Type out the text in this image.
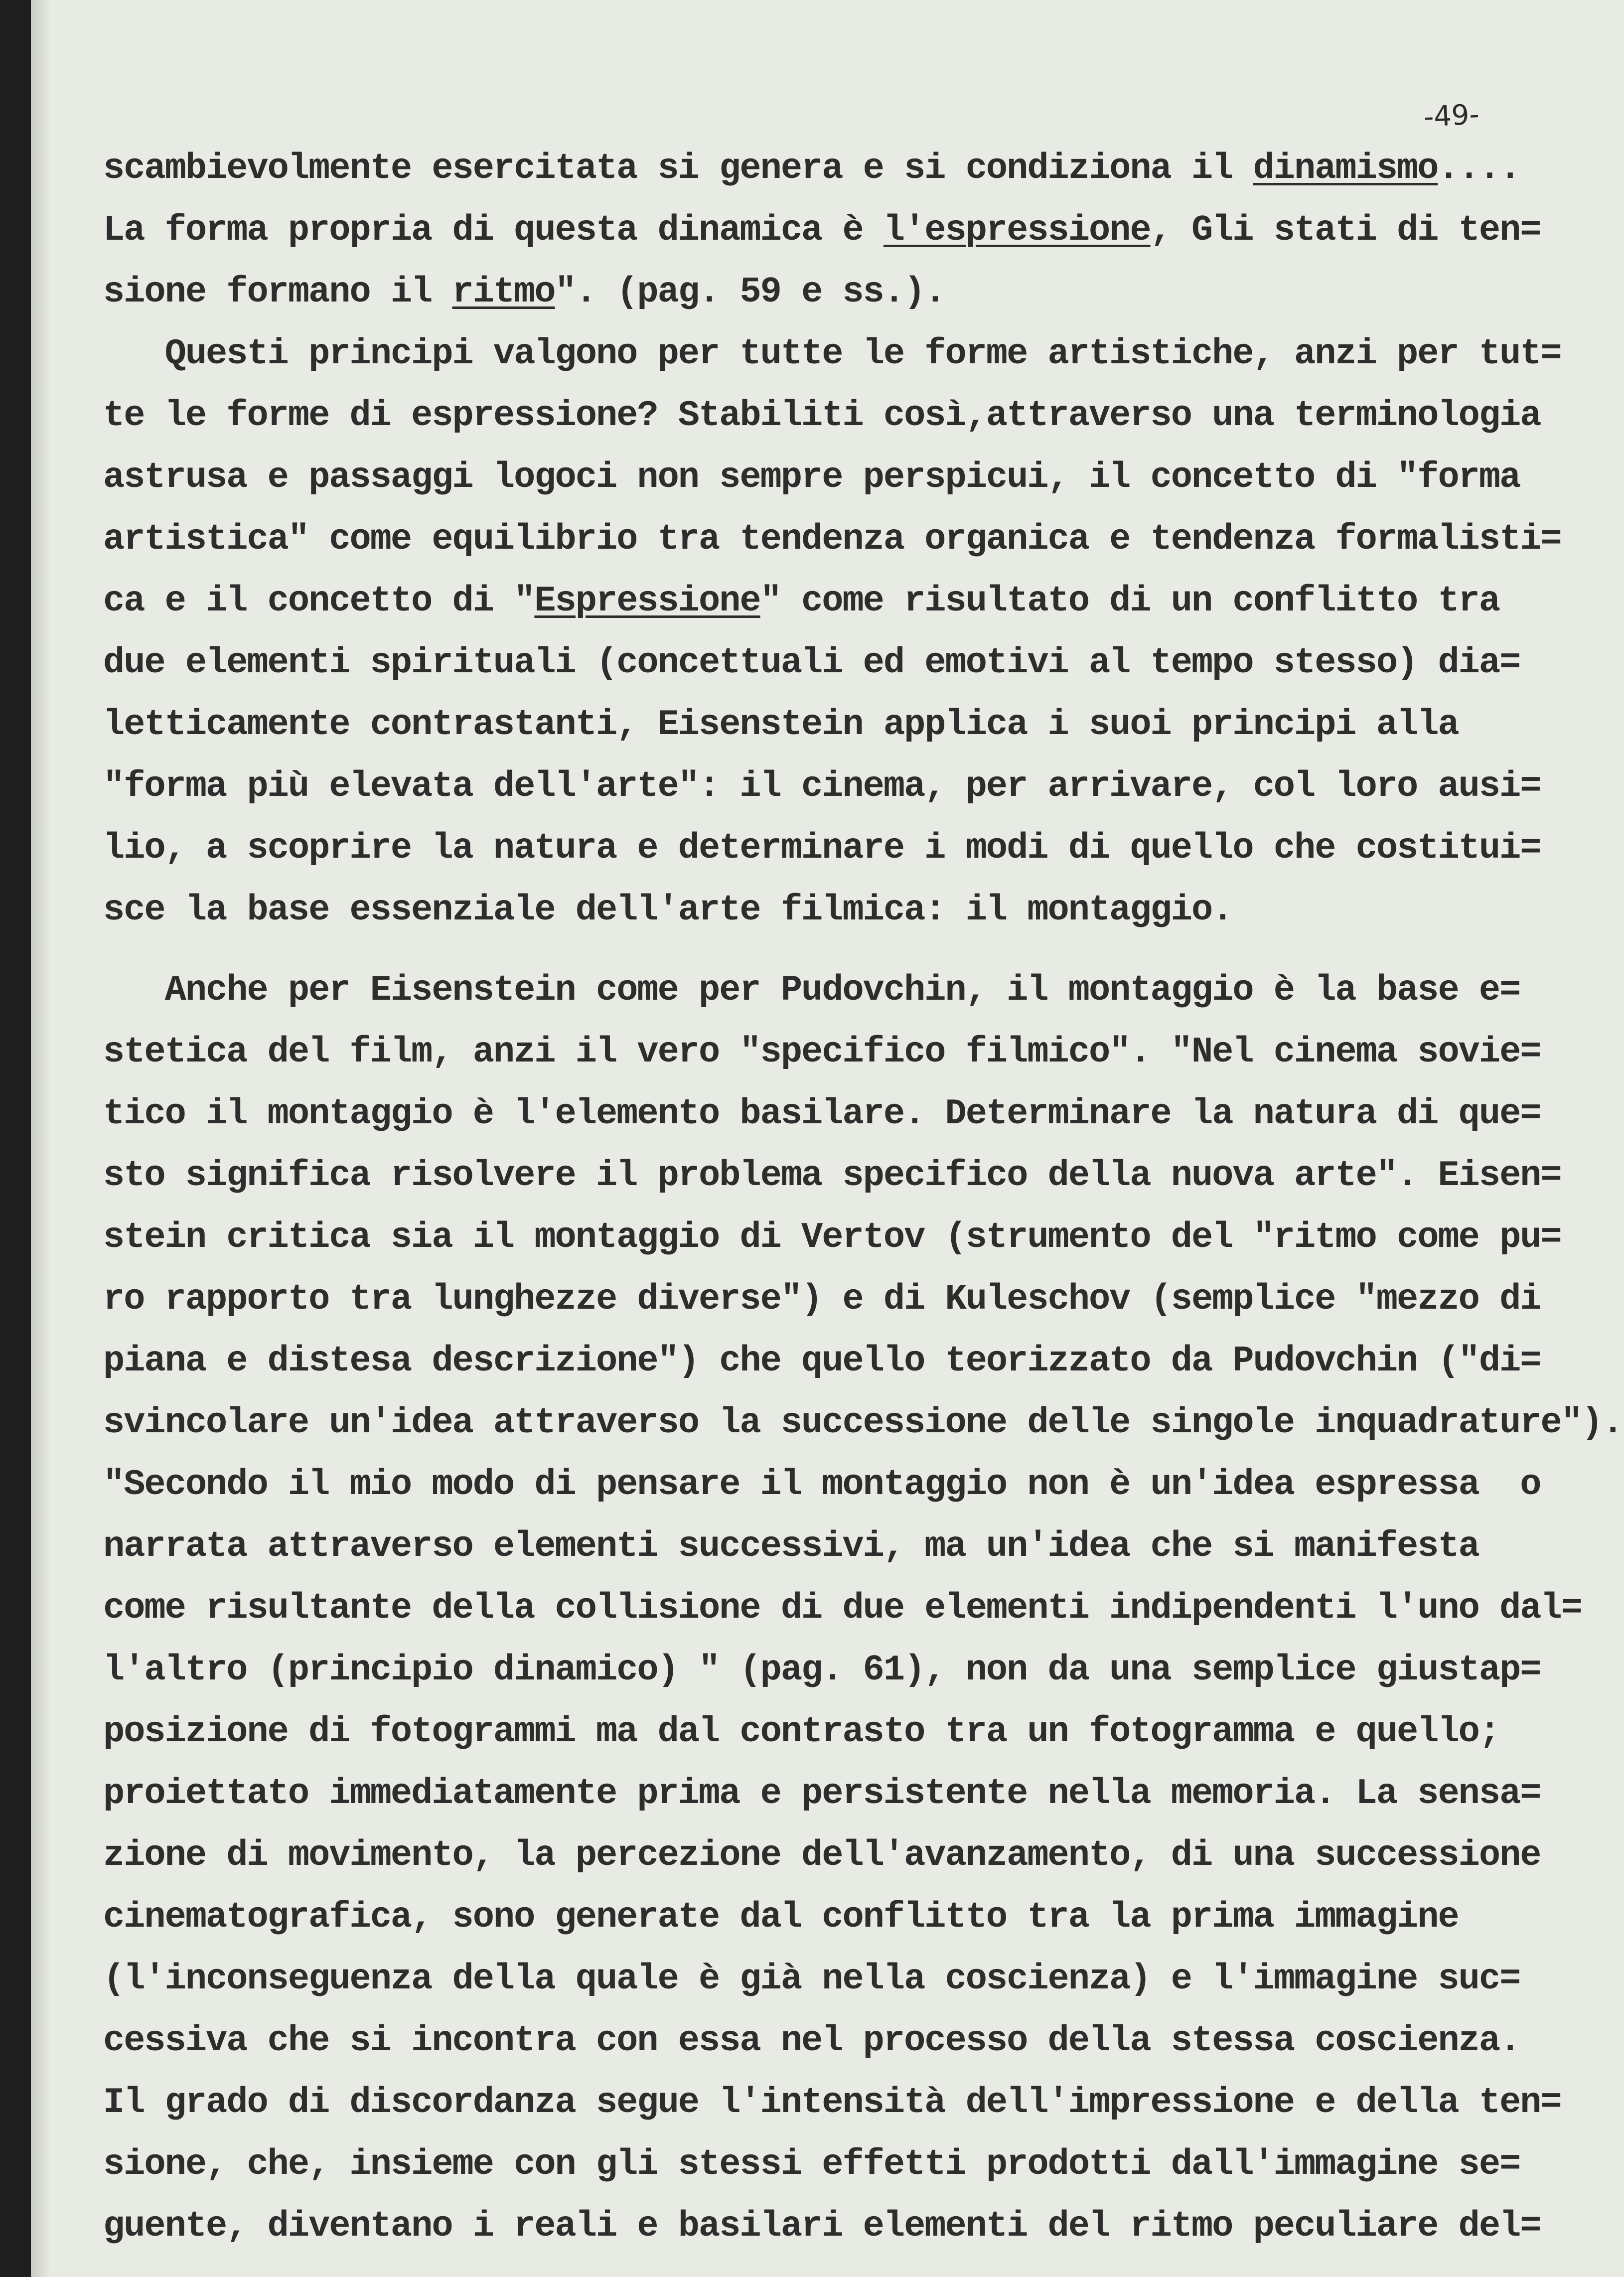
-49-

scambievolmente esercitata si genera e si condiziona il dinamismo....
La forma propria di questa dinamica è l'espressione, Gli stati di ten=
sione formano il ritmo". (pag. 59 e ss.).
Questi principi valgono per tutte le forme artistiche, anzi per tut=
te le forme di espressione? Stabiliti così,attraverso una terminologia
astrusa e passaggi logoci non sempre perspicui, il concetto di "forma
artistica" come equilibrio tra tendenza organica e tendenza formalisti=
ca e il concetto di "Espressione" come risultato di un conflitto tra
due elementi spirituali (concettuali ed emotivi al tempo stesso) dia=
letticamente contrastanti, Eisenstein applica i suoi principi alla
"forma più elevata dell'arte": il cinema, per arrivare, col loro ausi=
lio, a scoprire la natura e determinare i modi di quello che costitui=
sce la base essenziale dell'arte filmica: il montaggio.
Anche per Eisenstein come per Pudovchin, il montaggio è la base e=
stetica del film, anzi il vero "specifico filmico". "Nel cinema sovie=
tico il montaggio è l'elemento basilare. Determinare la natura di que=
sto significa risolvere il problema specifico della nuova arte". Eisen=
stein critica sia il montaggio di Vertov (strumento del "ritmo come pu=
ro rapporto tra lunghezze diverse") e di Kuleschov (semplice "mezzo di
piana e distesa descrizione") che quello teorizzato da Pudovchin ("di=
svincolare un'idea attraverso la successione delle singole inquadrature").
"Secondo il mio modo di pensare il montaggio non è un'idea espressa  o
narrata attraverso elementi successivi, ma un'idea che si manifesta
come risultante della collisione di due elementi indipendenti l'uno dal=
l'altro (principio dinamico) " (pag. 61), non da una semplice giustap=
posizione di fotogrammi ma dal contrasto tra un fotogramma e quello;
proiettato immediatamente prima e persistente nella memoria. La sensa=
zione di movimento, la percezione dell'avanzamento, di una successione
cinematografica, sono generate dal conflitto tra la prima immagine
(l'inconseguenza della quale è già nella coscienza) e l'immagine suc=
cessiva che si incontra con essa nel processo della stessa coscienza.
Il grado di discordanza segue l'intensità dell'impressione e della ten=
sione, che, insieme con gli stessi effetti prodotti dall'immagine se=
guente, diventano i reali e basilari elementi del ritmo peculiare del=
